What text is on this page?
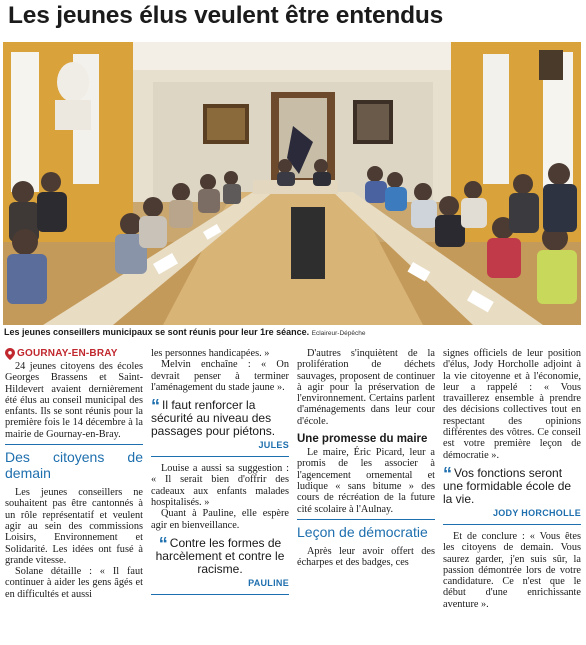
Les jeunes élus veulent être entendus
Les jeunes conseillers municipaux se sont réunis pour leur 1re séance. Eclaireur-Dépêche
GOURNAY-EN-BRAY

24 jeunes citoyens des écoles Georges Brassens et Saint-Hildevert avaient dernièrement été élus au conseil municipal des enfants. Ils se sont réunis pour la première fois le 14 décembre à la mairie de Gournay-en-Bray.

Des citoyens de demain

Les jeunes conseillers ne souhaitent pas être cantonnés à un rôle représentatif et veulent agir au sein des commissions Loisirs, Environnement et Solidarité. Les idées ont fusé à grande vitesse.

Solane détaille : « Il faut continuer à aider les gens âgés et en difficultés et aussi

les personnes handicapées. »

Melvin enchaîne : « On devrait penser à terminer l'aménagement du stade jaune ».

“ Il faut renforcer la sécurité au niveau des passages pour piétons.
JULES

Louise a aussi sa suggestion : « Il serait bien d'offrir des cadeaux aux enfants malades hospitalisés. »

Quant à Pauline, elle espère agir en bienveillance.

“ Contre les formes de harcèlement et contre le racisme.
PAULINE

D'autres s'inquiètent de la prolifération de déchets sauvages, proposent de continuer à agir pour la préservation de l'environnement. Certains parlent d'aménagements dans leur cour d'école.

Une promesse du maire

Le maire, Éric Picard, leur a promis de les associer à l'agencement ornemental et ludique « sans bitume » des cours de récréation de la future cité scolaire à l'Aulnay.

Leçon de démocratie

Après leur avoir offert des écharpes et des badges, ces

signes officiels de leur position d'élus, Jody Horcholle adjoint à la vie citoyenne et à l'économie, leur a rappelé : « Vous travaillerez ensemble à prendre des décisions collectives tout en respectant des opinions différentes des vôtres. Ce conseil est votre première leçon de démocratie ».

“ Vos fonctions seront une formidable école de la vie.
JODY HORCHOLLE

Et de conclure : « Vous êtes les citoyens de demain. Vous saurez garder, j'en suis sûr, la passion démontrée lors de votre candidature. Ce n'est que le début d'une enrichissante aventure ».
